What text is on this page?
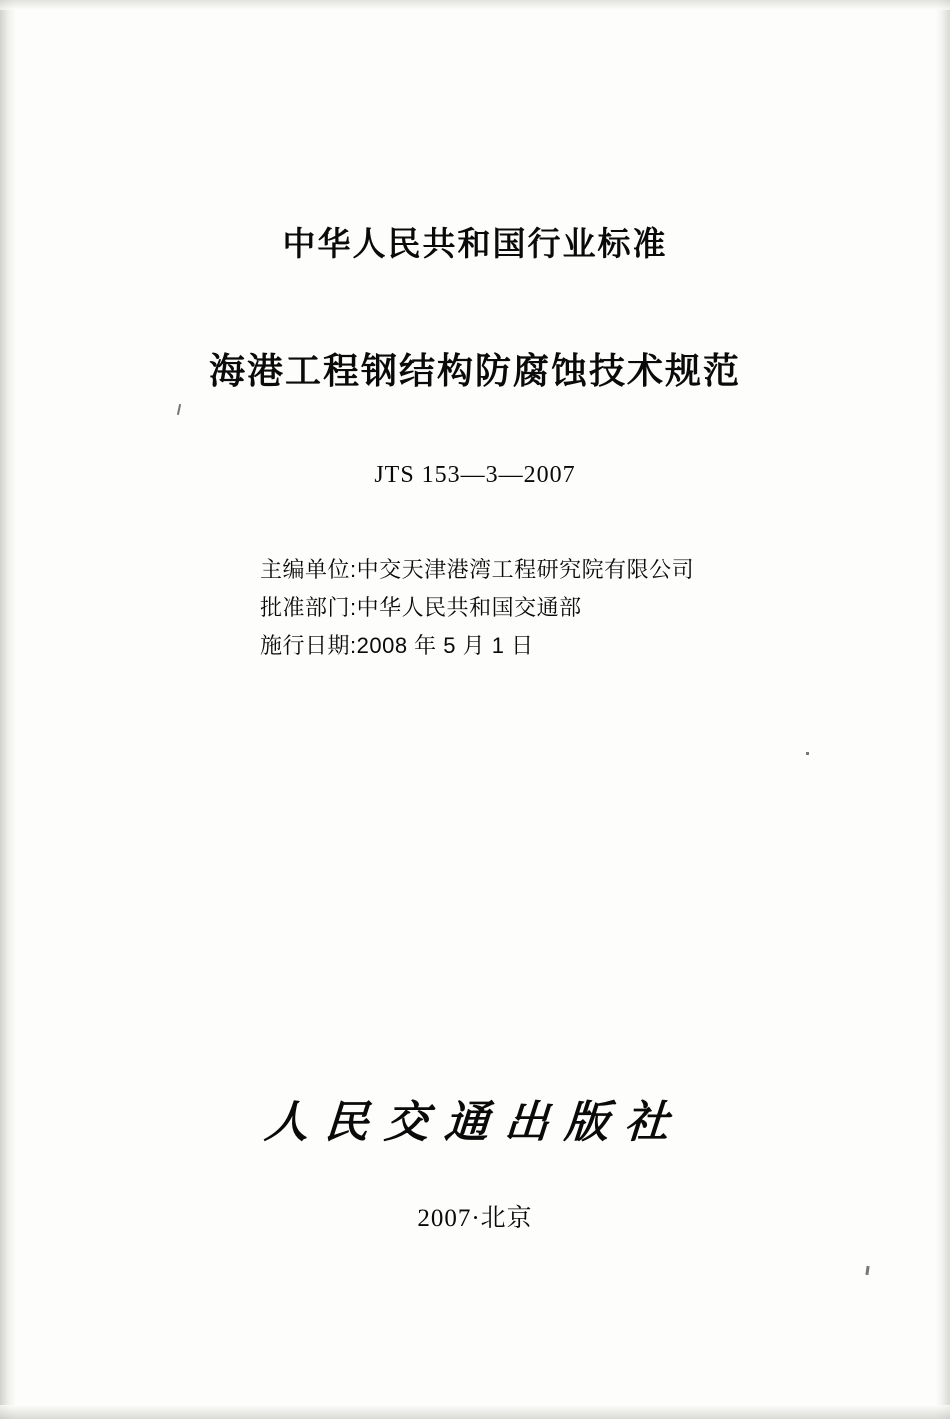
中华人民共和国行业标准
海港工程钢结构防腐蚀技术规范
JTS 153—3—2007
主编单位:中交天津港湾工程研究院有限公司
批准部门:中华人民共和国交通部
施行日期:2008 年 5 月 1 日
人民交通出版社
2007·北京
